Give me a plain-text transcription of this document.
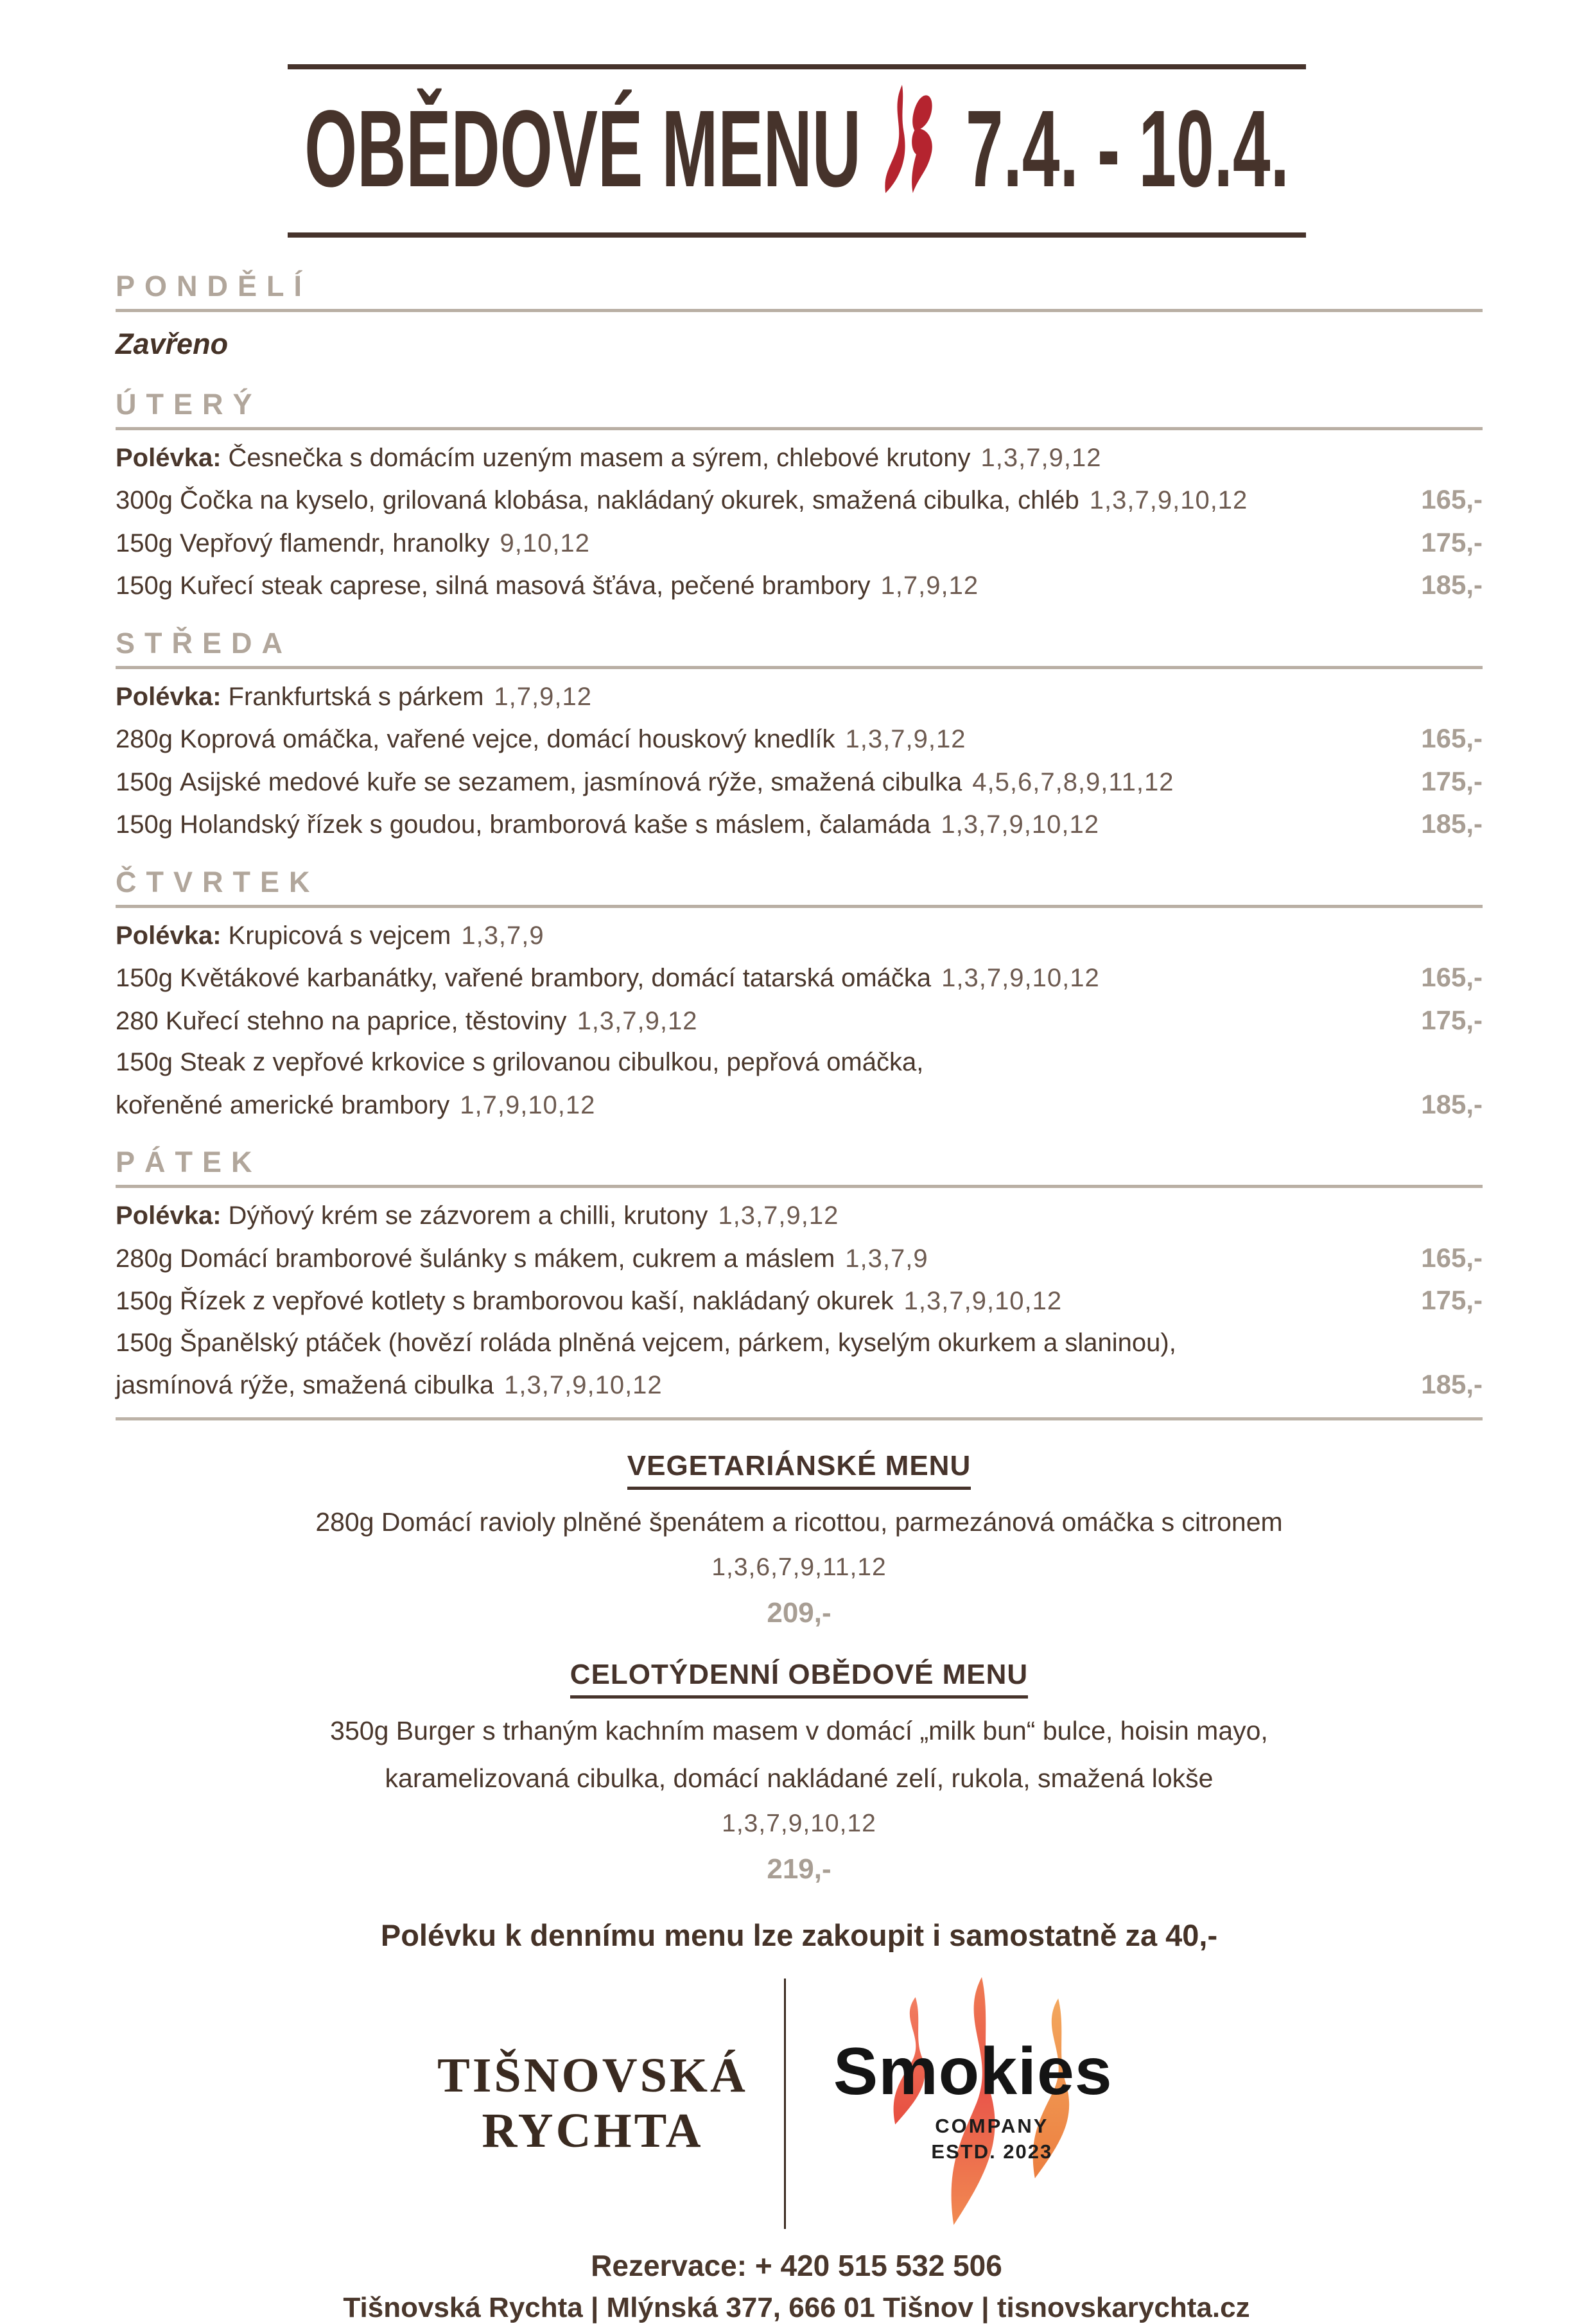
OBĚDOVÉ MENU 7.4. - 10.4.
PONDĚLÍ
Zavřeno
ÚTERÝ
Polévka: Česnečka s domácím uzeným masem a sýrem, chlebové krutony 1,3,7,9,12
300g Čočka na kyselo, grilovaná klobása, nakládaný okurek, smažená cibulka, chléb 1,3,7,9,10,12	165,-
150g Vepřový flamendr, hranolky 9,10,12	175,-
150g Kuřecí steak caprese, silná masová šťáva, pečené brambory 1,7,9,12	185,-
STŘEDA
Polévka: Frankfurtská s párkem 1,7,9,12
280g Koprová omáčka, vařené vejce, domácí houskový knedlík 1,3,7,9,12	165,-
150g Asijské medové kuře se sezamem, jasmínová rýže, smažená cibulka 4,5,6,7,8,9,11,12	175,-
150g Holandský řízek s goudou, bramborová kaše s máslem, čalamáda 1,3,7,9,10,12	185,-
ČTVRTEK
Polévka: Krupicová s vejcem 1,3,7,9
150g Květákové karbanátky, vařené brambory, domácí tatarská omáčka 1,3,7,9,10,12	165,-
280 Kuřecí stehno na paprice, těstoviny 1,3,7,9,12	175,-
150g Steak z vepřové krkovice s grilovanou cibulkou, pepřová omáčka,
kořeněné americké brambory 1,7,9,10,12	185,-
PÁTEK
Polévka: Dýňový krém se zázvorem a chilli, krutony 1,3,7,9,12
280g Domácí bramborové šulánky s mákem, cukrem a máslem 1,3,7,9	165,-
150g Řízek z vepřové kotlety s bramborovou kaší, nakládaný okurek 1,3,7,9,10,12	175,-
150g Španělský ptáček (hovězí roláda plněná vejcem, párkem, kyselým okurkem a slaninou),
jasmínová rýže, smažená cibulka 1,3,7,9,10,12	185,-
VEGETARIÁNSKÉ MENU

280g Domácí ravioly plněné špenátem a ricottou, parmezánová omáčka s citronem

1,3,6,7,9,11,12

209,-

CELOTÝDENNÍ OBĚDOVÉ MENU

350g Burger s trhaným kachním masem v domácí „milk bun“ bulce, hoisin mayo,

karamelizovaná cibulka, domácí nakládané zelí, rukola, smažená lokše

1,3,7,9,10,12

219,-

Polévku k dennímu menu lze zakoupit i samostatně za 40,-

TIŠNOVSKÁ
RYCHTA
Smokies
COMPANY
ESTD. 2023

Rezervace: + 420 515 532 506

Tišnovská Rychta | Mlýnská 377, 666 01 Tišnov | tisnovskarychta.cz
